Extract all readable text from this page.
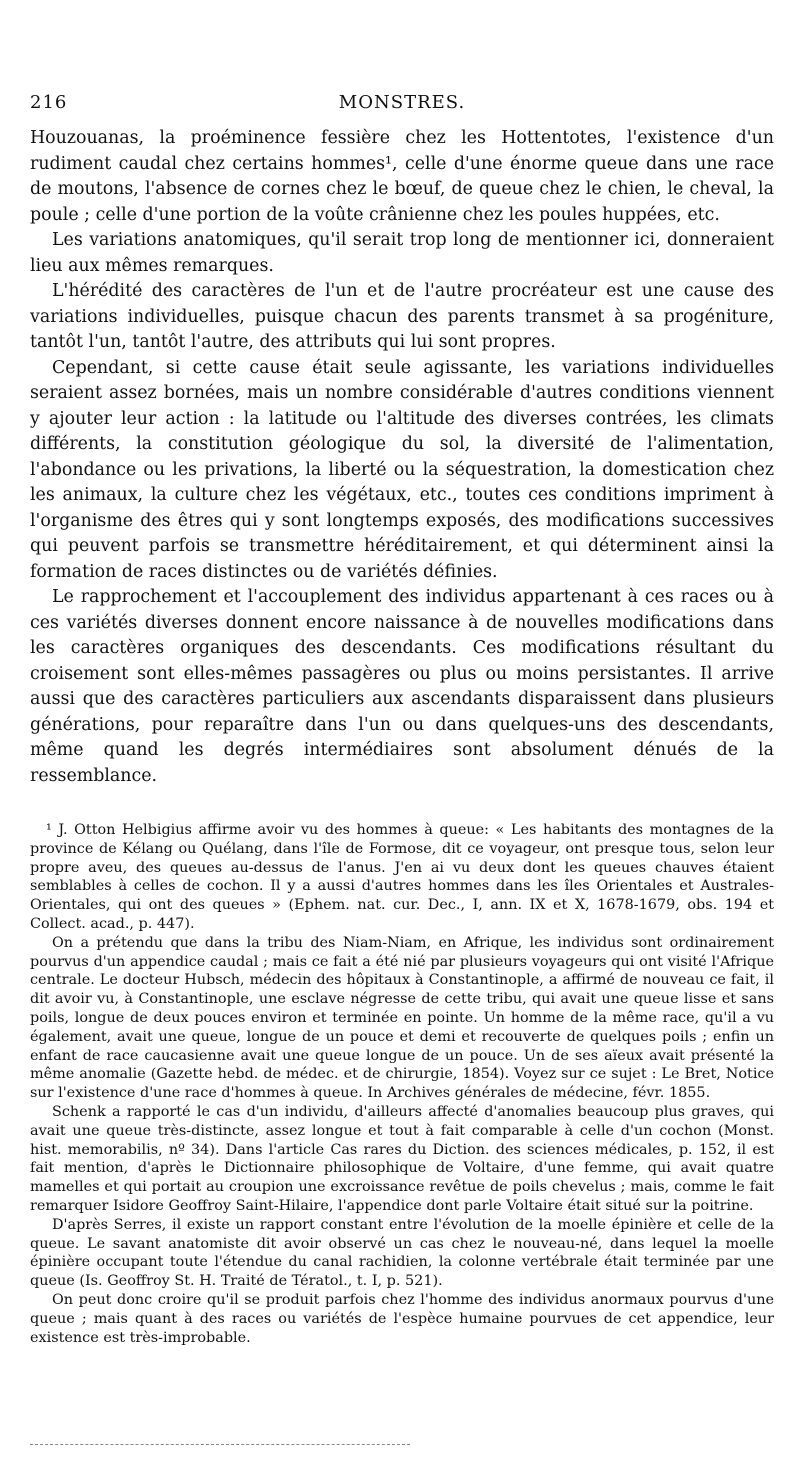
216	MONSTRES.

Houzouanas, la proéminence fessière chez les Hottentotes, l'existence d'un rudiment caudal chez certains hommes¹, celle d'une énorme queue dans une race de moutons, l'absence de cornes chez le bœuf, de queue chez le chien, le cheval, la poule ; celle d'une portion de la voûte crânienne chez les poules huppées, etc.

Les variations anatomiques, qu'il serait trop long de mentionner ici, donneraient lieu aux mêmes remarques.

L'hérédité des caractères de l'un et de l'autre procréateur est une cause des variations individuelles, puisque chacun des parents transmet à sa progéniture, tantôt l'un, tantôt l'autre, des attributs qui lui sont propres.

Cependant, si cette cause était seule agissante, les variations individuelles seraient assez bornées, mais un nombre considérable d'autres conditions viennent y ajouter leur action : la latitude ou l'altitude des diverses contrées, les climats différents, la constitution géologique du sol, la diversité de l'alimentation, l'abondance ou les privations, la liberté ou la séquestration, la domestication chez les animaux, la culture chez les végétaux, etc., toutes ces conditions impriment à l'organisme des êtres qui y sont longtemps exposés, des modifications successives qui peuvent parfois se transmettre héréditairement, et qui déterminent ainsi la formation de races distinctes ou de variétés définies.

Le rapprochement et l'accouplement des individus appartenant à ces races ou à ces variétés diverses donnent encore naissance à de nouvelles modifications dans les caractères organiques des descendants. Ces modifications résultant du croisement sont elles-mêmes passagères ou plus ou moins persistantes. Il arrive aussi que des caractères particuliers aux ascendants disparaissent dans plusieurs générations, pour reparaître dans l'un ou dans quelques-uns des descendants, même quand les degrés intermédiaires sont absolument dénués de la ressemblance.

¹ J. Otton Helbigius affirme avoir vu des hommes à queue: « Les habitants des montagnes de la province de Kélang ou Quélang, dans l'île de Formose, dit ce voyageur, ont presque tous, selon leur propre aveu, des queues au-dessus de l'anus. J'en ai vu deux dont les queues chauves étaient semblables à celles de cochon. Il y a aussi d'autres hommes dans les îles Orientales et Australes-Orientales, qui ont des queues » (Ephem. nat. cur. Dec., I, ann. IX et X, 1678-1679, obs. 194 et Collect. acad., p. 447).

On a prétendu que dans la tribu des Niam-Niam, en Afrique, les individus sont ordinairement pourvus d'un appendice caudal ; mais ce fait a été nié par plusieurs voyageurs qui ont visité l'Afrique centrale. Le docteur Hubsch, médecin des hôpitaux à Constantinople, a affirmé de nouveau ce fait, il dit avoir vu, à Constantinople, une esclave négresse de cette tribu, qui avait une queue lisse et sans poils, longue de deux pouces environ et terminée en pointe. Un homme de la même race, qu'il a vu également, avait une queue, longue de un pouce et demi et recouverte de quelques poils ; enfin un enfant de race caucasienne avait une queue longue de un pouce. Un de ses aïeux avait présenté la même anomalie (Gazette hebd. de médec. et de chirurgie, 1854). Voyez sur ce sujet : Le Bret, Notice sur l'existence d'une race d'hommes à queue. In Archives générales de médecine, févr. 1855.

Schenk a rapporté le cas d'un individu, d'ailleurs affecté d'anomalies beaucoup plus graves, qui avait une queue très-distincte, assez longue et tout à fait comparable à celle d'un cochon (Monst. hist. memorabilis, nº 34). Dans l'article Cas rares du Diction. des sciences médicales, p. 152, il est fait mention, d'après le Dictionnaire philosophique de Voltaire, d'une femme, qui avait quatre mamelles et qui portait au croupion une excroissance revêtue de poils chevelus ; mais, comme le fait remarquer Isidore Geoffroy Saint-Hilaire, l'appendice dont parle Voltaire était situé sur la poitrine.

D'après Serres, il existe un rapport constant entre l'évolution de la moelle épinière et celle de la queue. Le savant anatomiste dit avoir observé un cas chez le nouveau-né, dans lequel la moelle épinière occupant toute l'étendue du canal rachidien, la colonne vertébrale était terminée par une queue (Is. Geoffroy St. H. Traité de Tératol., t. I, p. 521).

On peut donc croire qu'il se produit parfois chez l'homme des individus anormaux pourvus d'une queue ; mais quant à des races ou variétés de l'espèce humaine pourvues de cet appendice, leur existence est très-improbable.
